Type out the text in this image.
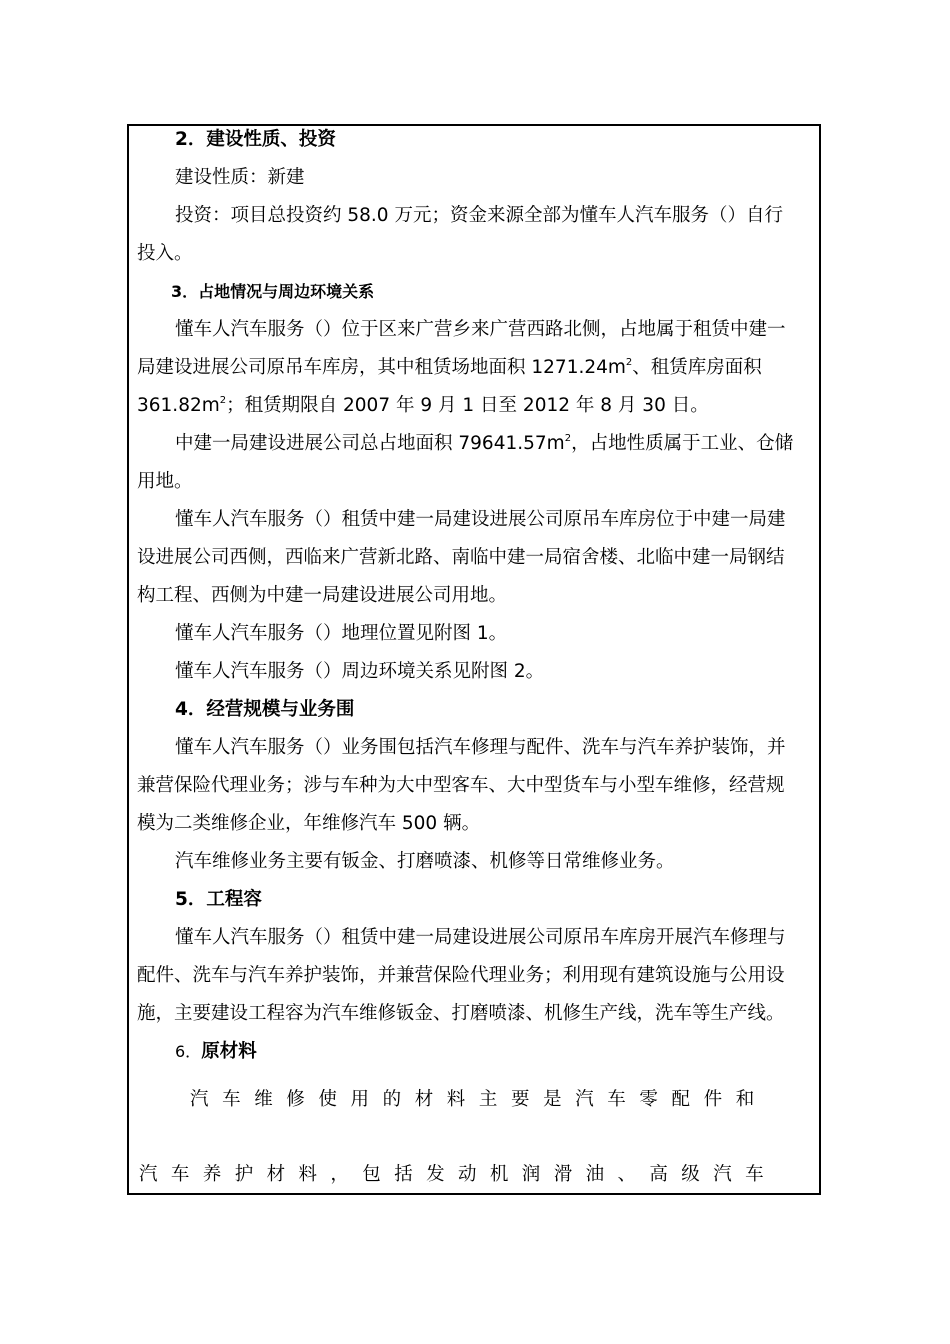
2．建设性质、投资
建设性质：新建
投资：项目总投资约 58.0 万元；资金来源全部为懂车人汽车服务（）自行
投入。
3．占地情况与周边环境关系
懂车人汽车服务（）位于区来广营乡来广营西路北侧，占地属于租赁中建一
局建设进展公司原吊车库房，其中租赁场地面积 $1271.24m^2$、租赁库房面积
$361.82m^2$；租赁期限自 2007 年 9 月 1 日至 2012 年 8 月 30 日。
中建一局建设进展公司总占地面积 $79641.57m^2$，占地性质属于工业、仓储
用地。
懂车人汽车服务（）租赁中建一局建设进展公司原吊车库房位于中建一局建
设进展公司西侧，西临来广营新北路、南临中建一局宿舍楼、北临中建一局钢结
构工程、西侧为中建一局建设进展公司用地。
懂车人汽车服务（）地理位置见附图 1。
懂车人汽车服务（）周边环境关系见附图 2。
4．经营规模与业务围
懂车人汽车服务（）业务围包括汽车修理与配件、洗车与汽车养护装饰，并
兼营保险代理业务；涉与车种为大中型客车、大中型货车与小型车维修，经营规
模为二类维修企业，年维修汽车 500 辆。
汽车维修业务主要有钣金、打磨喷漆、机修等日常维修业务。
5．工程容
懂车人汽车服务（）租赁中建一局建设进展公司原吊车库房开展汽车修理与
配件、洗车与汽车养护装饰，并兼营保险代理业务；利用现有建筑设施与公用设
施，主要建设工程容为汽车维修钣金、打磨喷漆、机修生产线，洗车等生产线。
6．原材料
汽车维修使用的材料主要是汽车零配件和
汽车养护材料，包括发动机润滑油、高级汽车
